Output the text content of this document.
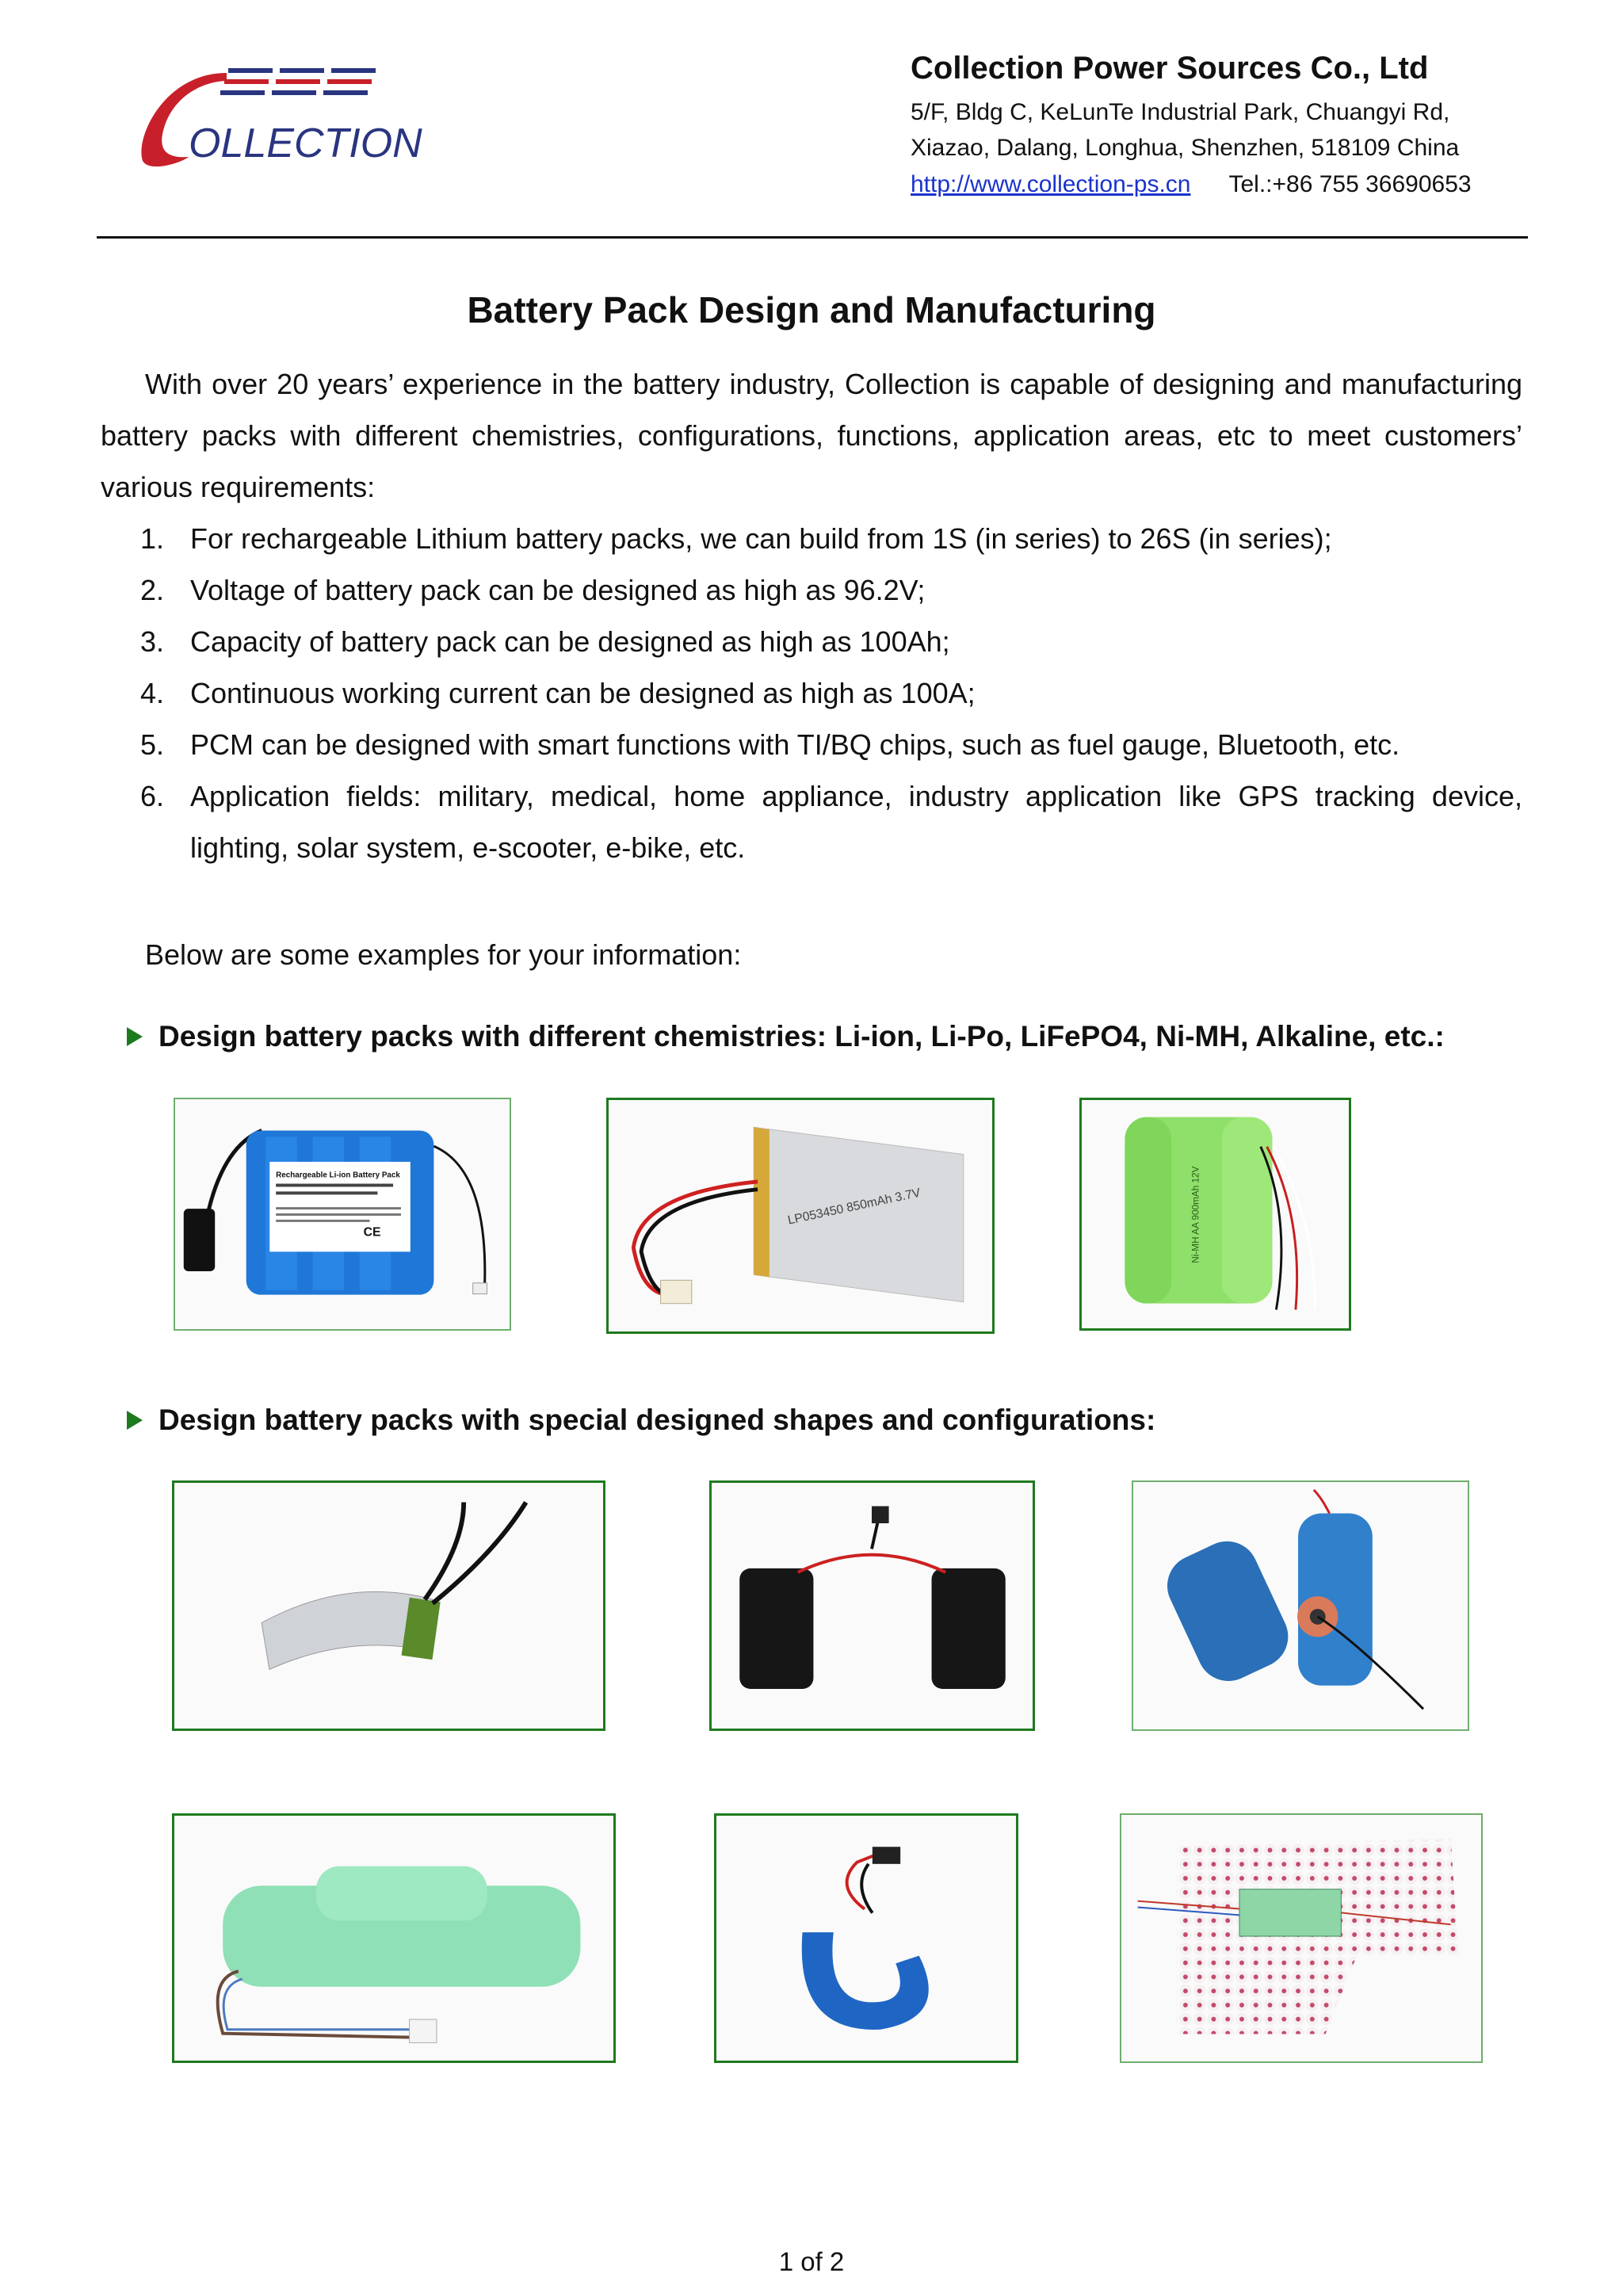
OLLECTION
Collection Power Sources Co., Ltd
5/F, Bldg C, KeLunTe Industrial Park, Chuangyi Rd,
Xiazao, Dalang, Longhua, Shenzhen, 518109 China
http://www.collection-ps.cn Tel.:+86 755 36690653
Battery Pack Design and Manufacturing
With over 20 years’ experience in the battery industry, Collection is capable of designing and manufacturing battery packs with different chemistries, configurations, functions, application areas, etc to meet customers’ various requirements:
1. For rechargeable Lithium battery packs, we can build from 1S (in series) to 26S (in series);
2. Voltage of battery pack can be designed as high as 96.2V;
3. Capacity of battery pack can be designed as high as 100Ah;
4. Continuous working current can be designed as high as 100A;
5. PCM can be designed with smart functions with TI/BQ chips, such as fuel gauge, Bluetooth, etc.
6. Application fields: military, medical, home appliance, industry application like GPS tracking device, lighting, solar system, e-scooter, e-bike, etc.
Below are some examples for your information:
Design battery packs with different chemistries: Li-ion, Li-Po, LiFePO4, Ni-MH, Alkaline, etc.:
Rechargeable Li-ion Battery Pack
CE
LP053450 850mAh 3.7V	Ni-MH AA 900mAh 12V
Design battery packs with special designed shapes and configurations:
1 of 2
